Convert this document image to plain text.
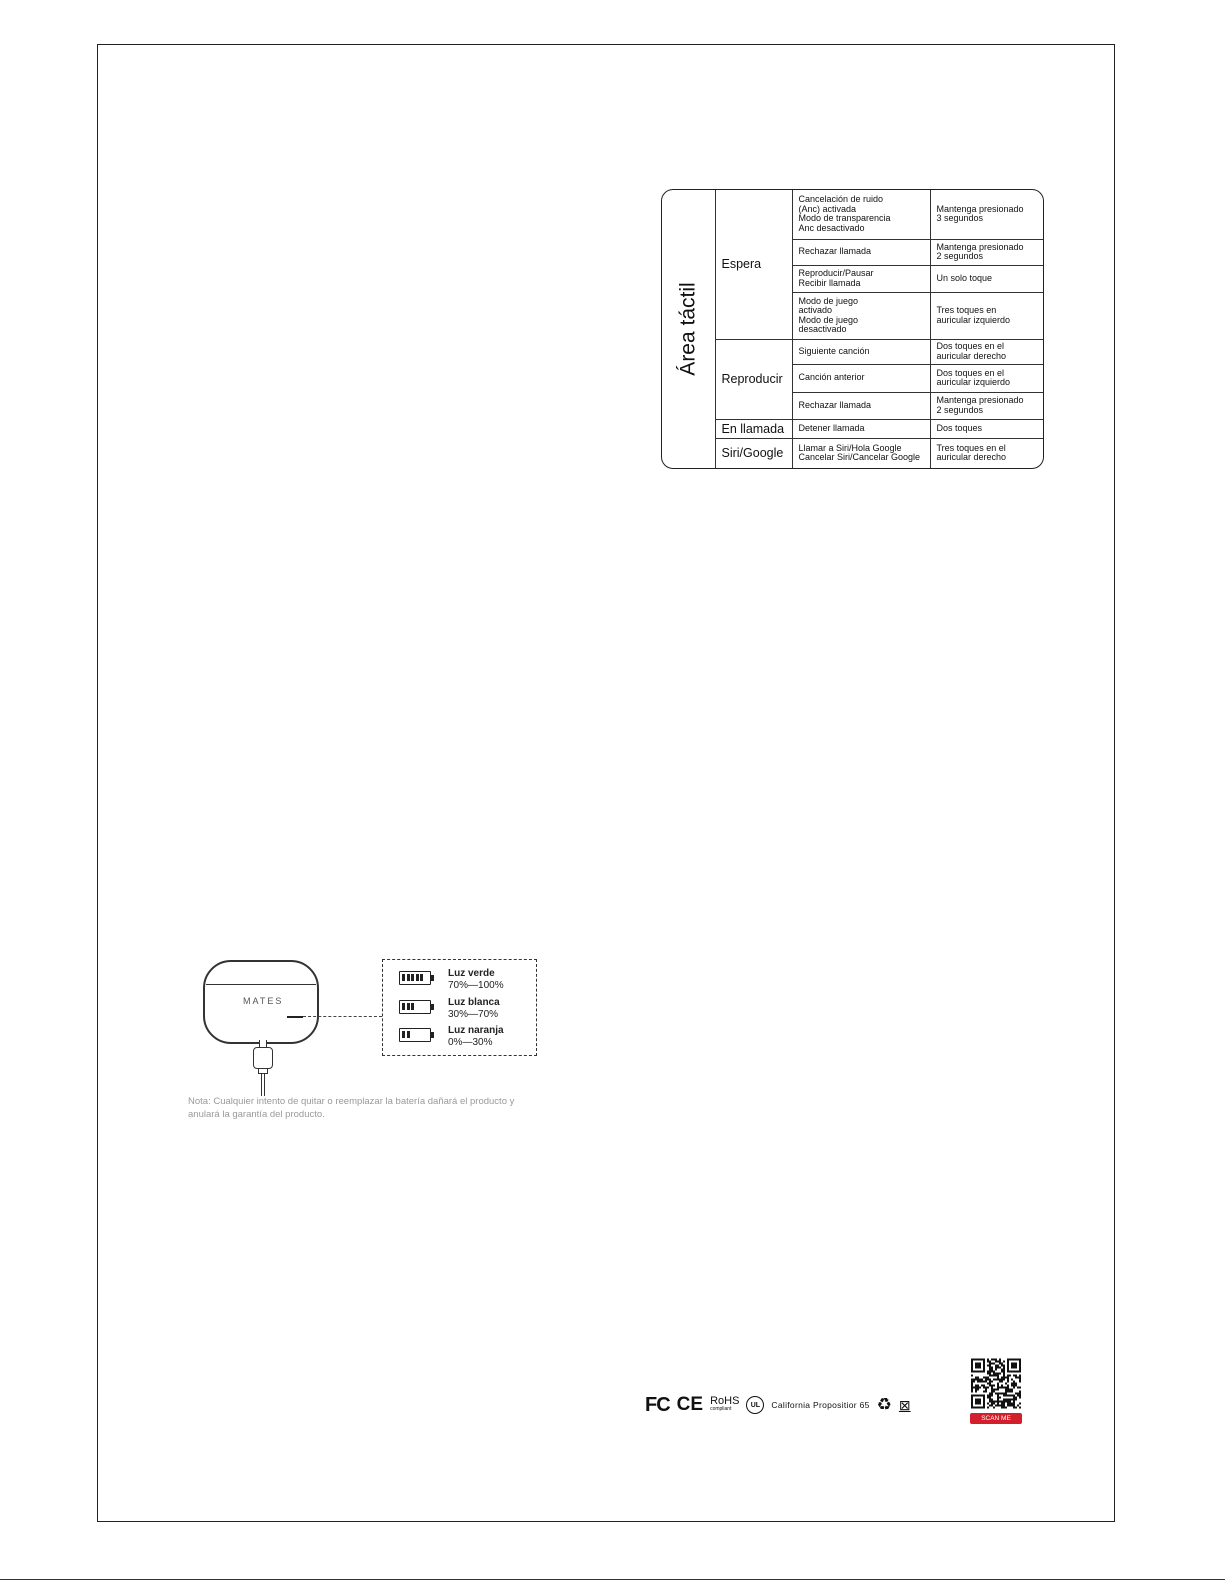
Área táctil	Espera	Cancelación de ruido
(Anc) activada
Modo de transparencia
Anc desactivado	Mantenga presionado
3 segundos
		Rechazar llamada	Mantenga presionado
2 segundos
		Reproducir/Pausar
Recibir llamada	Un solo toque
		Modo de juego
activado
Modo de juego
desactivado	Tres toques en
auricular izquierdo
	Reproducir	Siguiente canción	Dos toques en el
auricular derecho
		Canción anterior	Dos toques en el
auricular izquierdo
		Rechazar llamada	Mantenga presionado
2 segundos
	En llamada	Detener llamada	Dos toques
	Siri/Google	Llamar a Siri/Hola Google
Cancelar Siri/Cancelar Google	Tres toques en el
auricular derecho
MATES
Luz verde
70%—100%
Luz blanca
30%—70%
Luz naranja
0%—30%
Nota: Cualquier intento de quitar o reemplazar la batería dañará el producto y anulará la garantía del producto.
FC CE RoHS
compliant
UL	California Propositior 65 ♻ ⊠
SCAN ME
